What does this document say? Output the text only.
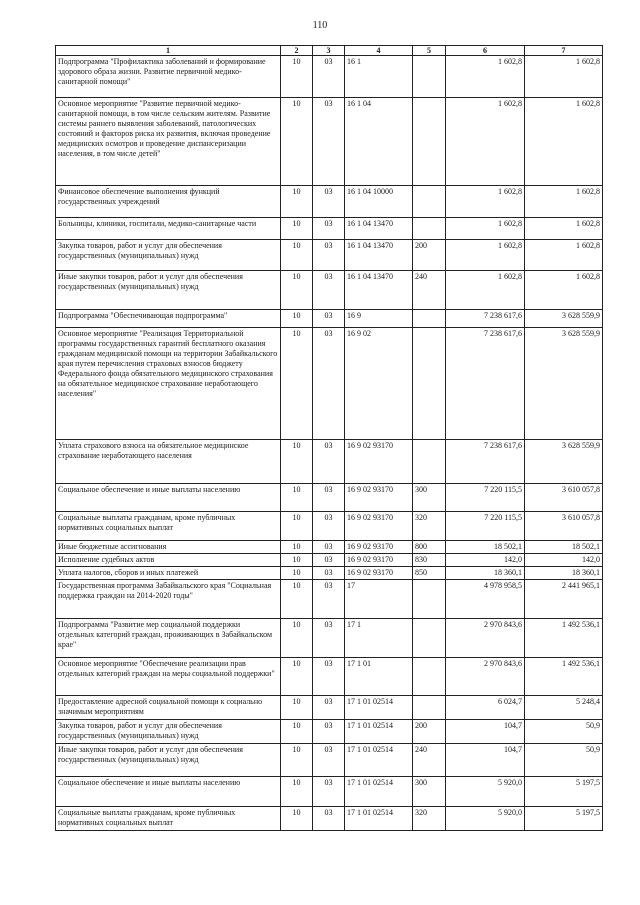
110
1	2	3	4	5	6	7
Подпрограмма "Профилактика заболеваний и формирование здорового образа жизни. Развитие первичной медико-санитарной помощи"	10	03	16 1		1 602,8	1 602,8
Основное мероприятие "Развитие первичной медико-санитарной помощи, в том числе сельским жителям. Развитие системы раннего выявления заболеваний, патологических состояний и факторов риска их развития, включая проведение медицинских осмотров и проведение диспансеризации населения, в том числе детей"	10	03	16 1 04		1 602,8	1 602,8
Финансовое обеспечение выполнения функций государственных учреждений	10	03	16 1 04 10000		1 602,8	1 602,8
Больницы, клиники, госпитали, медико-санитарные части	10	03	16 1 04 13470		1 602,8	1 602,8
Закупка товаров, работ и услуг для обеспечения государственных (муниципальных) нужд	10	03	16 1 04 13470	200	1 602,8	1 602,8
Иные закупки товаров, работ и услуг для обеспечения государственных (муниципальных) нужд	10	03	16 1 04 13470	240	1 602,8	1 602,8
Подпрограмма "Обеспечивающая подпрограмма"	10	03	16 9		7 238 617,6	3 628 559,9
Основное мероприятие "Реализация Территориальной программы государственных гарантий бесплатного оказания гражданам медицинской помощи на территории Забайкальского края путем перечисления страховых взносов бюджету Федерального фонда обязательного медицинского страхования на обязательное медицинское страхование неработающего населения"	10	03	16 9 02		7 238 617,6	3 628 559,9
Уплата страхового взноса на обязательное медицинское страхование неработающего населения	10	03	16 9 02 93170		7 238 617,6	3 628 559,9
Социальное обеспечение и иные выплаты населению	10	03	16 9 02 93170	300	7 220 115,5	3 610 057,8
Социальные выплаты гражданам, кроме публичных нормативных социальных выплат	10	03	16 9 02 93170	320	7 220 115,5	3 610 057,8
Иные бюджетные ассигнования	10	03	16 9 02 93170	800	18 502,1	18 502,1
Исполнение судебных актов	10	03	16 9 02 93170	830	142,0	142,0
Уплата налогов, сборов и иных платежей	10	03	16 9 02 93170	850	18 360,1	18 360,1
Государственная программа Забайкальского края "Социальная поддержка граждан на 2014-2020 годы"	10	03	17		4 978 958,5	2 441 965,1
Подпрограмма "Развитие мер социальной поддержки отдельных категорий граждан, проживающих в Забайкальском крае"	10	03	17 1		2 970 843,6	1 492 536,1
Основное мероприятие "Обеспечение реализации прав отдельных категорий граждан на меры социальной поддержки"	10	03	17 1 01		2 970 843,6	1 492 536,1
Предоставление адресной социальной помощи к социально значимым мероприятиям	10	03	17 1 01 02514		6 024,7	5 248,4
Закупка товаров, работ и услуг для обеспечения государственных (муниципальных) нужд	10	03	17 1 01 02514	200	104,7	50,9
Иные закупки товаров, работ и услуг для обеспечения государственных (муниципальных) нужд	10	03	17 1 01 02514	240	104,7	50,9
Социальное обеспечение и иные выплаты населению	10	03	17 1 01 02514	300	5 920,0	5 197,5
Социальные выплаты гражданам, кроме публичных нормативных социальных выплат	10	03	17 1 01 02514	320	5 920,0	5 197,5
